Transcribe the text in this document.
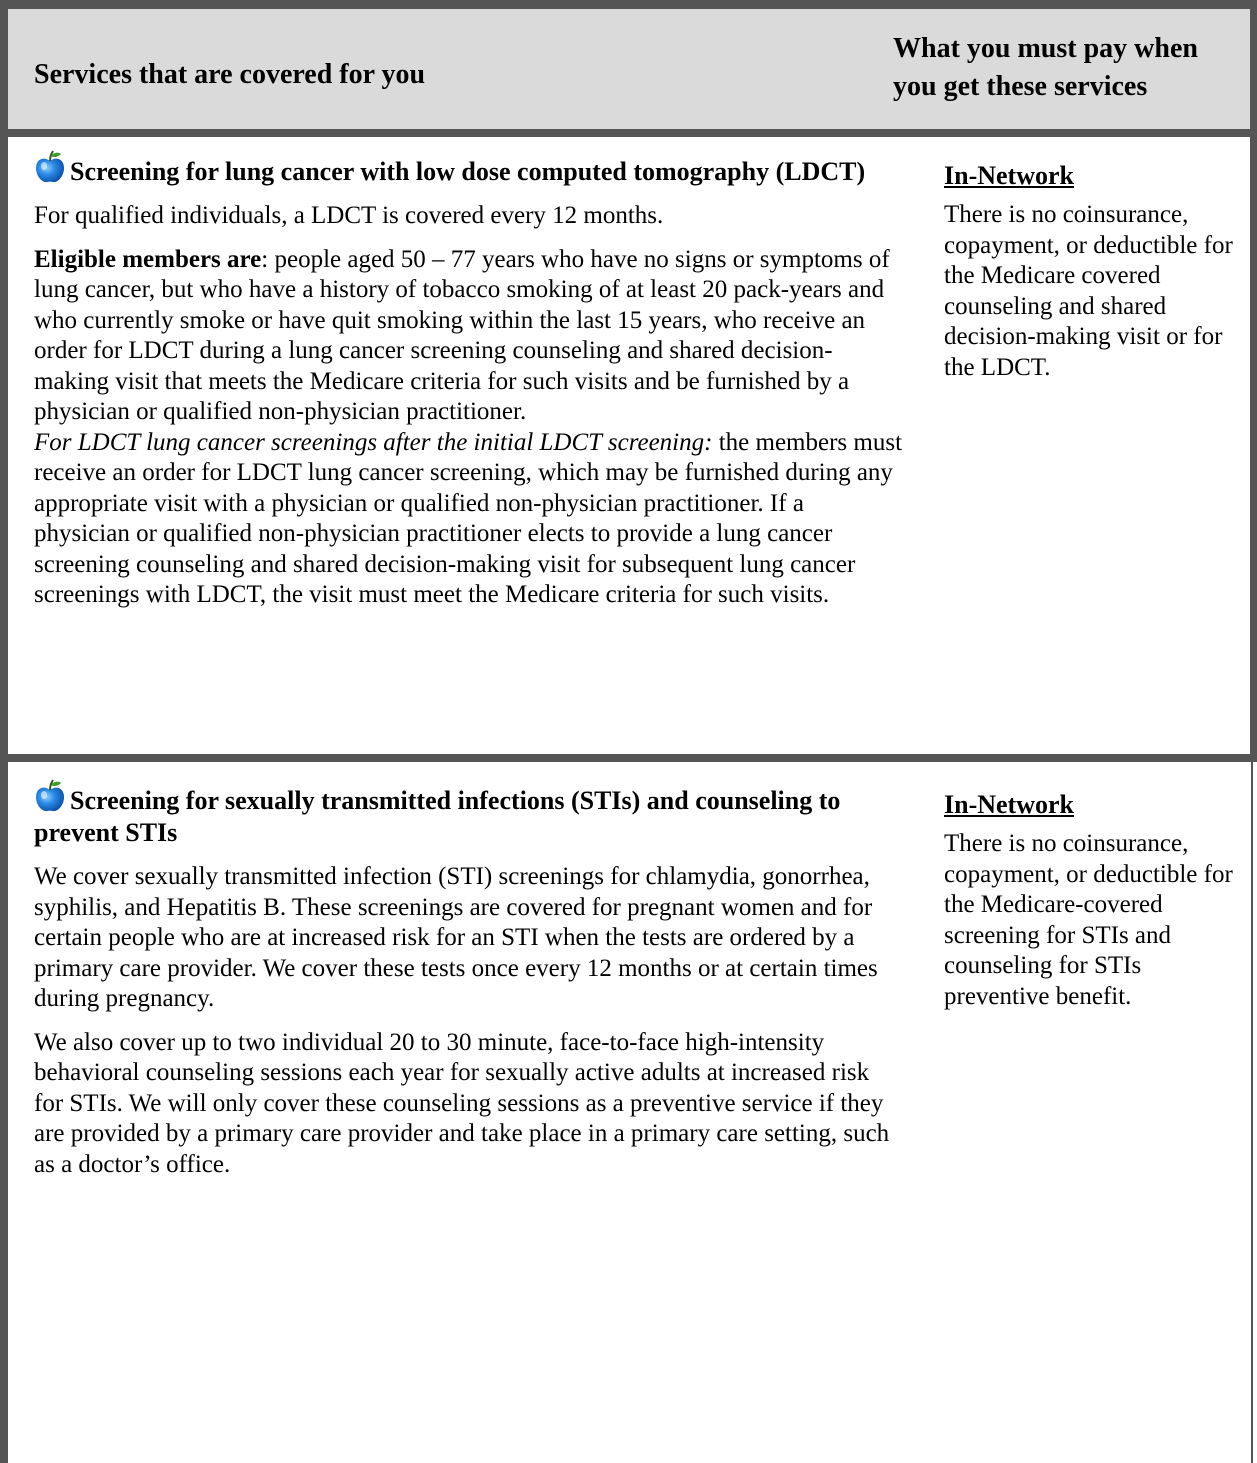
Services that are covered for you
What you must pay when you get these services

Screening for lung cancer with low dose computed tomography (LDCT)

For qualified individuals, a LDCT is covered every 12 months.

Eligible members are: people aged 50 – 77 years who have no signs or symptoms of lung cancer, but who have a history of tobacco smoking of at least 20 pack-years and who currently smoke or have quit smoking within the last 15 years, who receive an order for LDCT during a lung cancer screening counseling and shared decision-making visit that meets the Medicare criteria for such visits and be furnished by a physician or qualified non-physician practitioner.

For LDCT lung cancer screenings after the initial LDCT screening: the members must receive an order for LDCT lung cancer screening, which may be furnished during any appropriate visit with a physician or qualified non-physician practitioner. If a physician or qualified non-physician practitioner elects to provide a lung cancer screening counseling and shared decision-making visit for subsequent lung cancer screenings with LDCT, the visit must meet the Medicare criteria for such visits.

In-Network

There is no coinsurance, copayment, or deductible for the Medicare covered counseling and shared decision-making visit or for the LDCT.

Screening for sexually transmitted infections (STIs) and counseling to prevent STIs

We cover sexually transmitted infection (STI) screenings for chlamydia, gonorrhea, syphilis, and Hepatitis B. These screenings are covered for pregnant women and for certain people who are at increased risk for an STI when the tests are ordered by a primary care provider. We cover these tests once every 12 months or at certain times during pregnancy.

We also cover up to two individual 20 to 30 minute, face-to-face high-intensity behavioral counseling sessions each year for sexually active adults at increased risk for STIs. We will only cover these counseling sessions as a preventive service if they are provided by a primary care provider and take place in a primary care setting, such as a doctor’s office.

In-Network

There is no coinsurance, copayment, or deductible for the Medicare-covered screening for STIs and counseling for STIs preventive benefit.
